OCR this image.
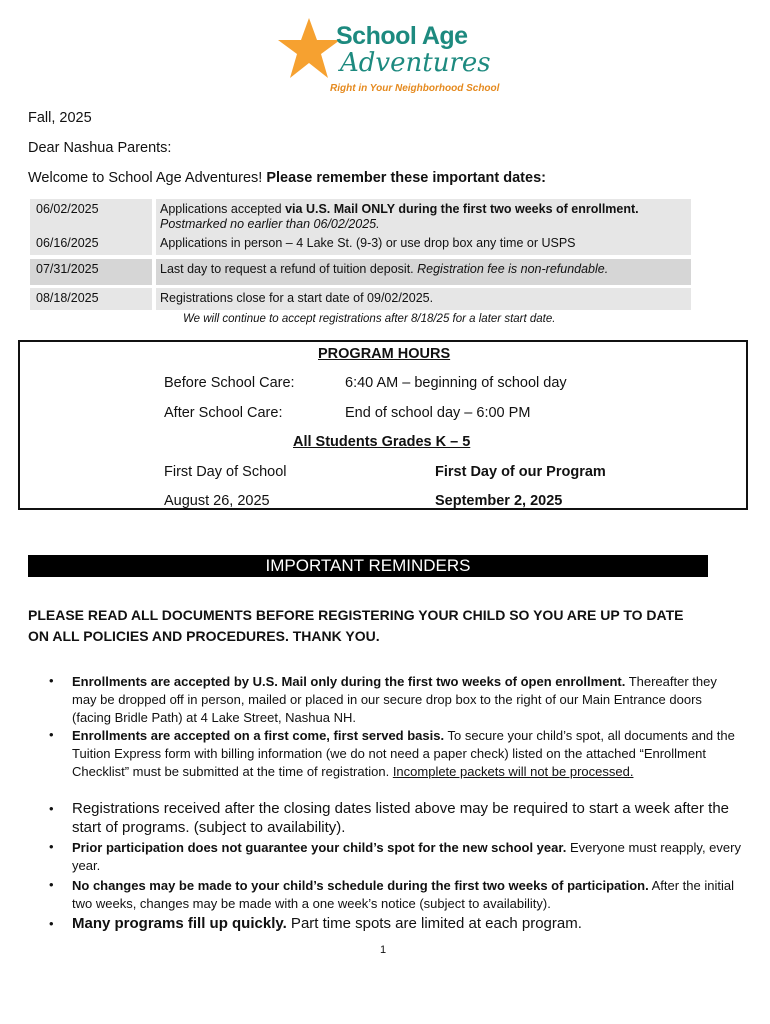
School Age
Adventures
Right in Your Neighborhood School
Fall, 2025
Dear Nashua Parents:
Welcome to School Age Adventures! Please remember these important dates:
06/02/2025	Applications accepted via U.S. Mail ONLY during the first two weeks of enrollment. Postmarked no earlier than 06/02/2025.
06/16/2025	Applications in person – 4 Lake St. (9-3) or use drop box any time or USPS
07/31/2025	Last day to request a refund of tuition deposit. Registration fee is non-refundable.
08/18/2025	Registrations close for a start date of 09/02/2025.
We will continue to accept registrations after 8/18/25 for a later start date.
PROGRAM HOURS
Before School Care:	6:40 AM – beginning of school day
After School Care:	End of school day – 6:00 PM
All Students Grades K – 5
First Day of School	First Day of our Program
August 26, 2025	September 2, 2025
IMPORTANT REMINDERS
PLEASE READ ALL DOCUMENTS BEFORE REGISTERING YOUR CHILD SO YOU ARE UP TO DATE
ON ALL POLICIES AND PROCEDURES. THANK YOU.
• Enrollments are accepted by U.S. Mail only during the first two weeks of open enrollment. Thereafter they may be dropped off in person, mailed or placed in our secure drop box to the right of our Main Entrance doors (facing Bridle Path) at 4 Lake Street, Nashua NH.
• Enrollments are accepted on a first come, first served basis. To secure your child’s spot, all documents and the Tuition Express form with billing information (we do not need a paper check) listed on the attached “Enrollment Checklist” must be submitted at the time of registration. Incomplete packets will not be processed.
• Registrations received after the closing dates listed above may be required to start a week after the start of programs. (subject to availability).
• Prior participation does not guarantee your child’s spot for the new school year. Everyone must reapply, every year.
• No changes may be made to your child’s schedule during the first two weeks of participation. After the initial two weeks, changes may be made with a one week’s notice (subject to availability).
• Many programs fill up quickly. Part time spots are limited at each program.
1
